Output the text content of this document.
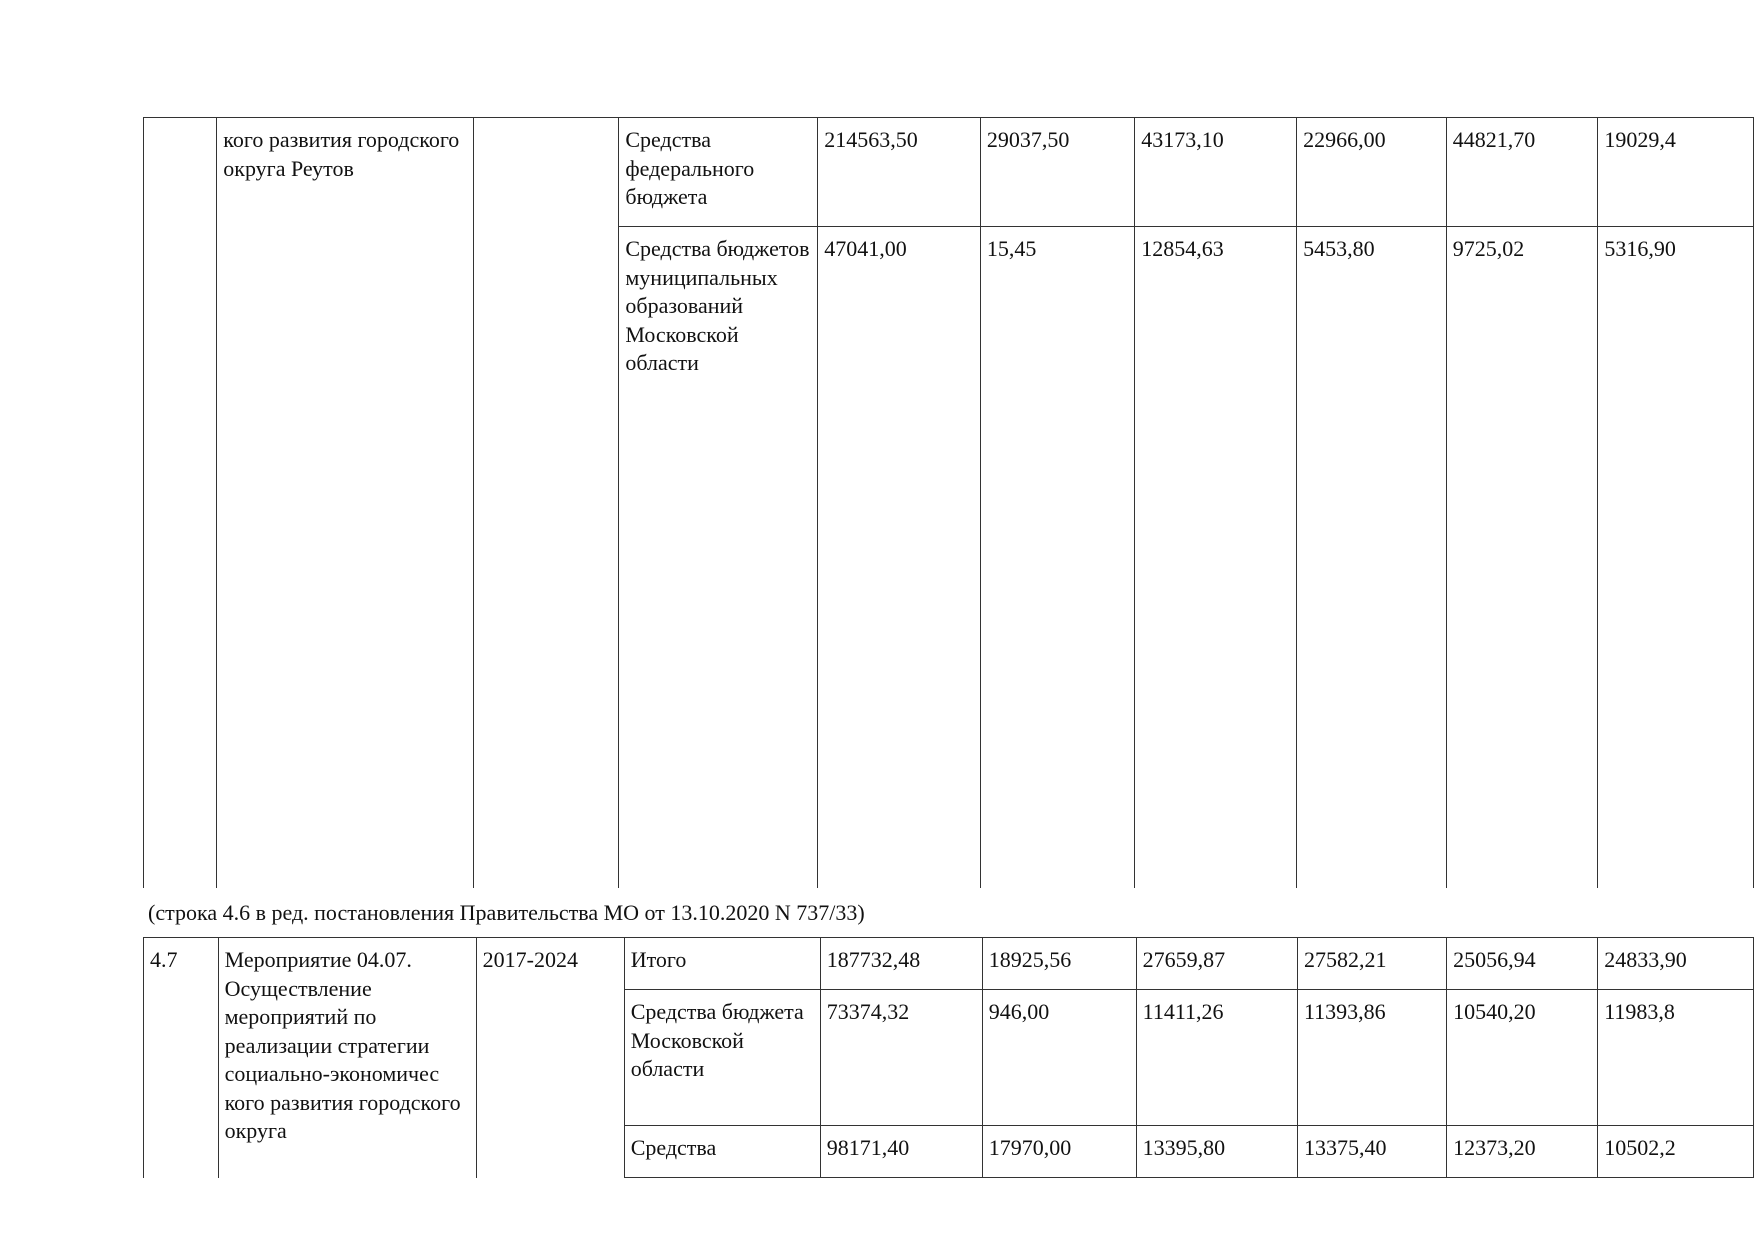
	кого развития городского округа Реутов		Средства федерального бюджета	214563,50	29037,50	43173,10	22966,00	44821,70	19029,4
			Средства бюджетов муниципальных образований Московской области	47041,00	15,45	12854,63	5453,80	9725,02	5316,90
(строка 4.6 в ред. постановления Правительства МО от 13.10.2020 N 737/33)
4.7	Мероприятие 04.07. Осуществление мероприятий по реализации стратегии социально-экономичес кого развития городского округа	2017-2024	Итого	187732,48	18925,56	27659,87	27582,21	25056,94	24833,90
			Средства бюджета Московской области	73374,32	946,00	11411,26	11393,86	10540,20	11983,8
			Средства	98171,40	17970,00	13395,80	13375,40	12373,20	10502,2
